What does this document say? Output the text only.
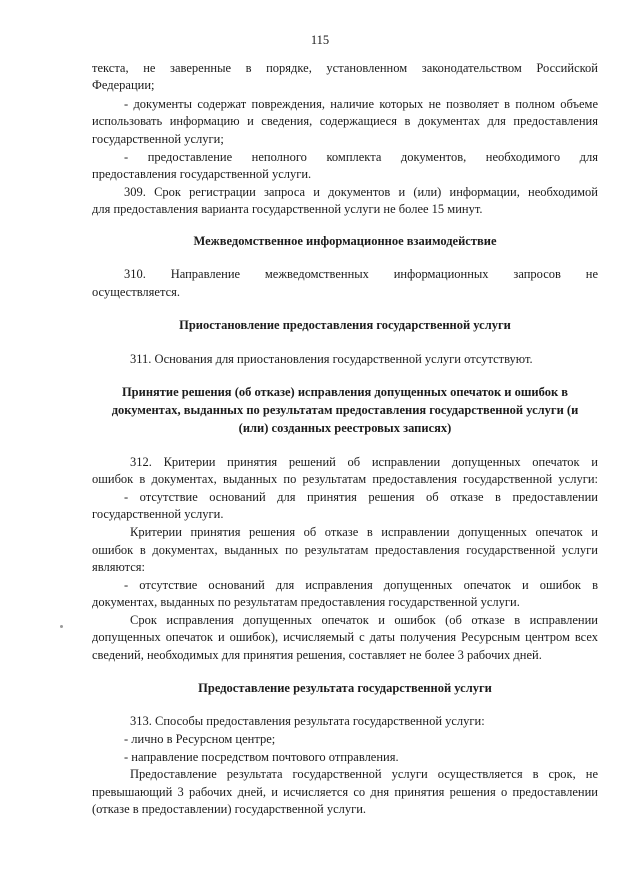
115
текста, не заверенные в порядке, установленном законодательством Российской
Федерации;
- документы содержат повреждения, наличие которых не позволяет в полном объеме
использовать информацию и сведения, содержащиеся в документах для предоставления
государственной услуги;
- предоставление неполного комплекта документов, необходимого для
предоставления государственной услуги.
309. Срок регистрации запроса и документов и (или) информации, необходимой
для предоставления варианта государственной услуги не более 15 минут.
Межведомственное информационное взаимодействие
310. Направление межведомственных информационных запросов не
осуществляется.
Приостановление предоставления государственной услуги
311. Основания для приостановления государственной услуги отсутствуют.
Принятие решения (об отказе) исправления допущенных опечаток и ошибок в
документах, выданных по результатам предоставления государственной услуги (и
(или) созданных реестровых записях)
312. Критерии принятия решений об исправлении допущенных опечаток и
ошибок в документах, выданных по результатам предоставления государственной услуги:
- отсутствие оснований для принятия решения об отказе в предоставлении
государственной услуги.
Критерии принятия решения об отказе в исправлении допущенных опечаток и
ошибок в документах, выданных по результатам предоставления государственной услуги
являются:
- отсутствие оснований для исправления допущенных опечаток и ошибок в
документах, выданных по результатам предоставления государственной услуги.
Срок исправления допущенных опечаток и ошибок (об отказе в исправлении
допущенных опечаток и ошибок), исчисляемый с даты получения Ресурсным центром всех
сведений, необходимых для принятия решения, составляет не более 3 рабочих дней.
Предоставление результата государственной услуги
313. Способы предоставления результата государственной услуги:
- лично в Ресурсном центре;
- направление посредством почтового отправления.
Предоставление результата государственной услуги осуществляется в срок, не
превышающий 3 рабочих дней, и исчисляется со дня принятия решения о предоставлении
(отказе в предоставлении) государственной услуги.
